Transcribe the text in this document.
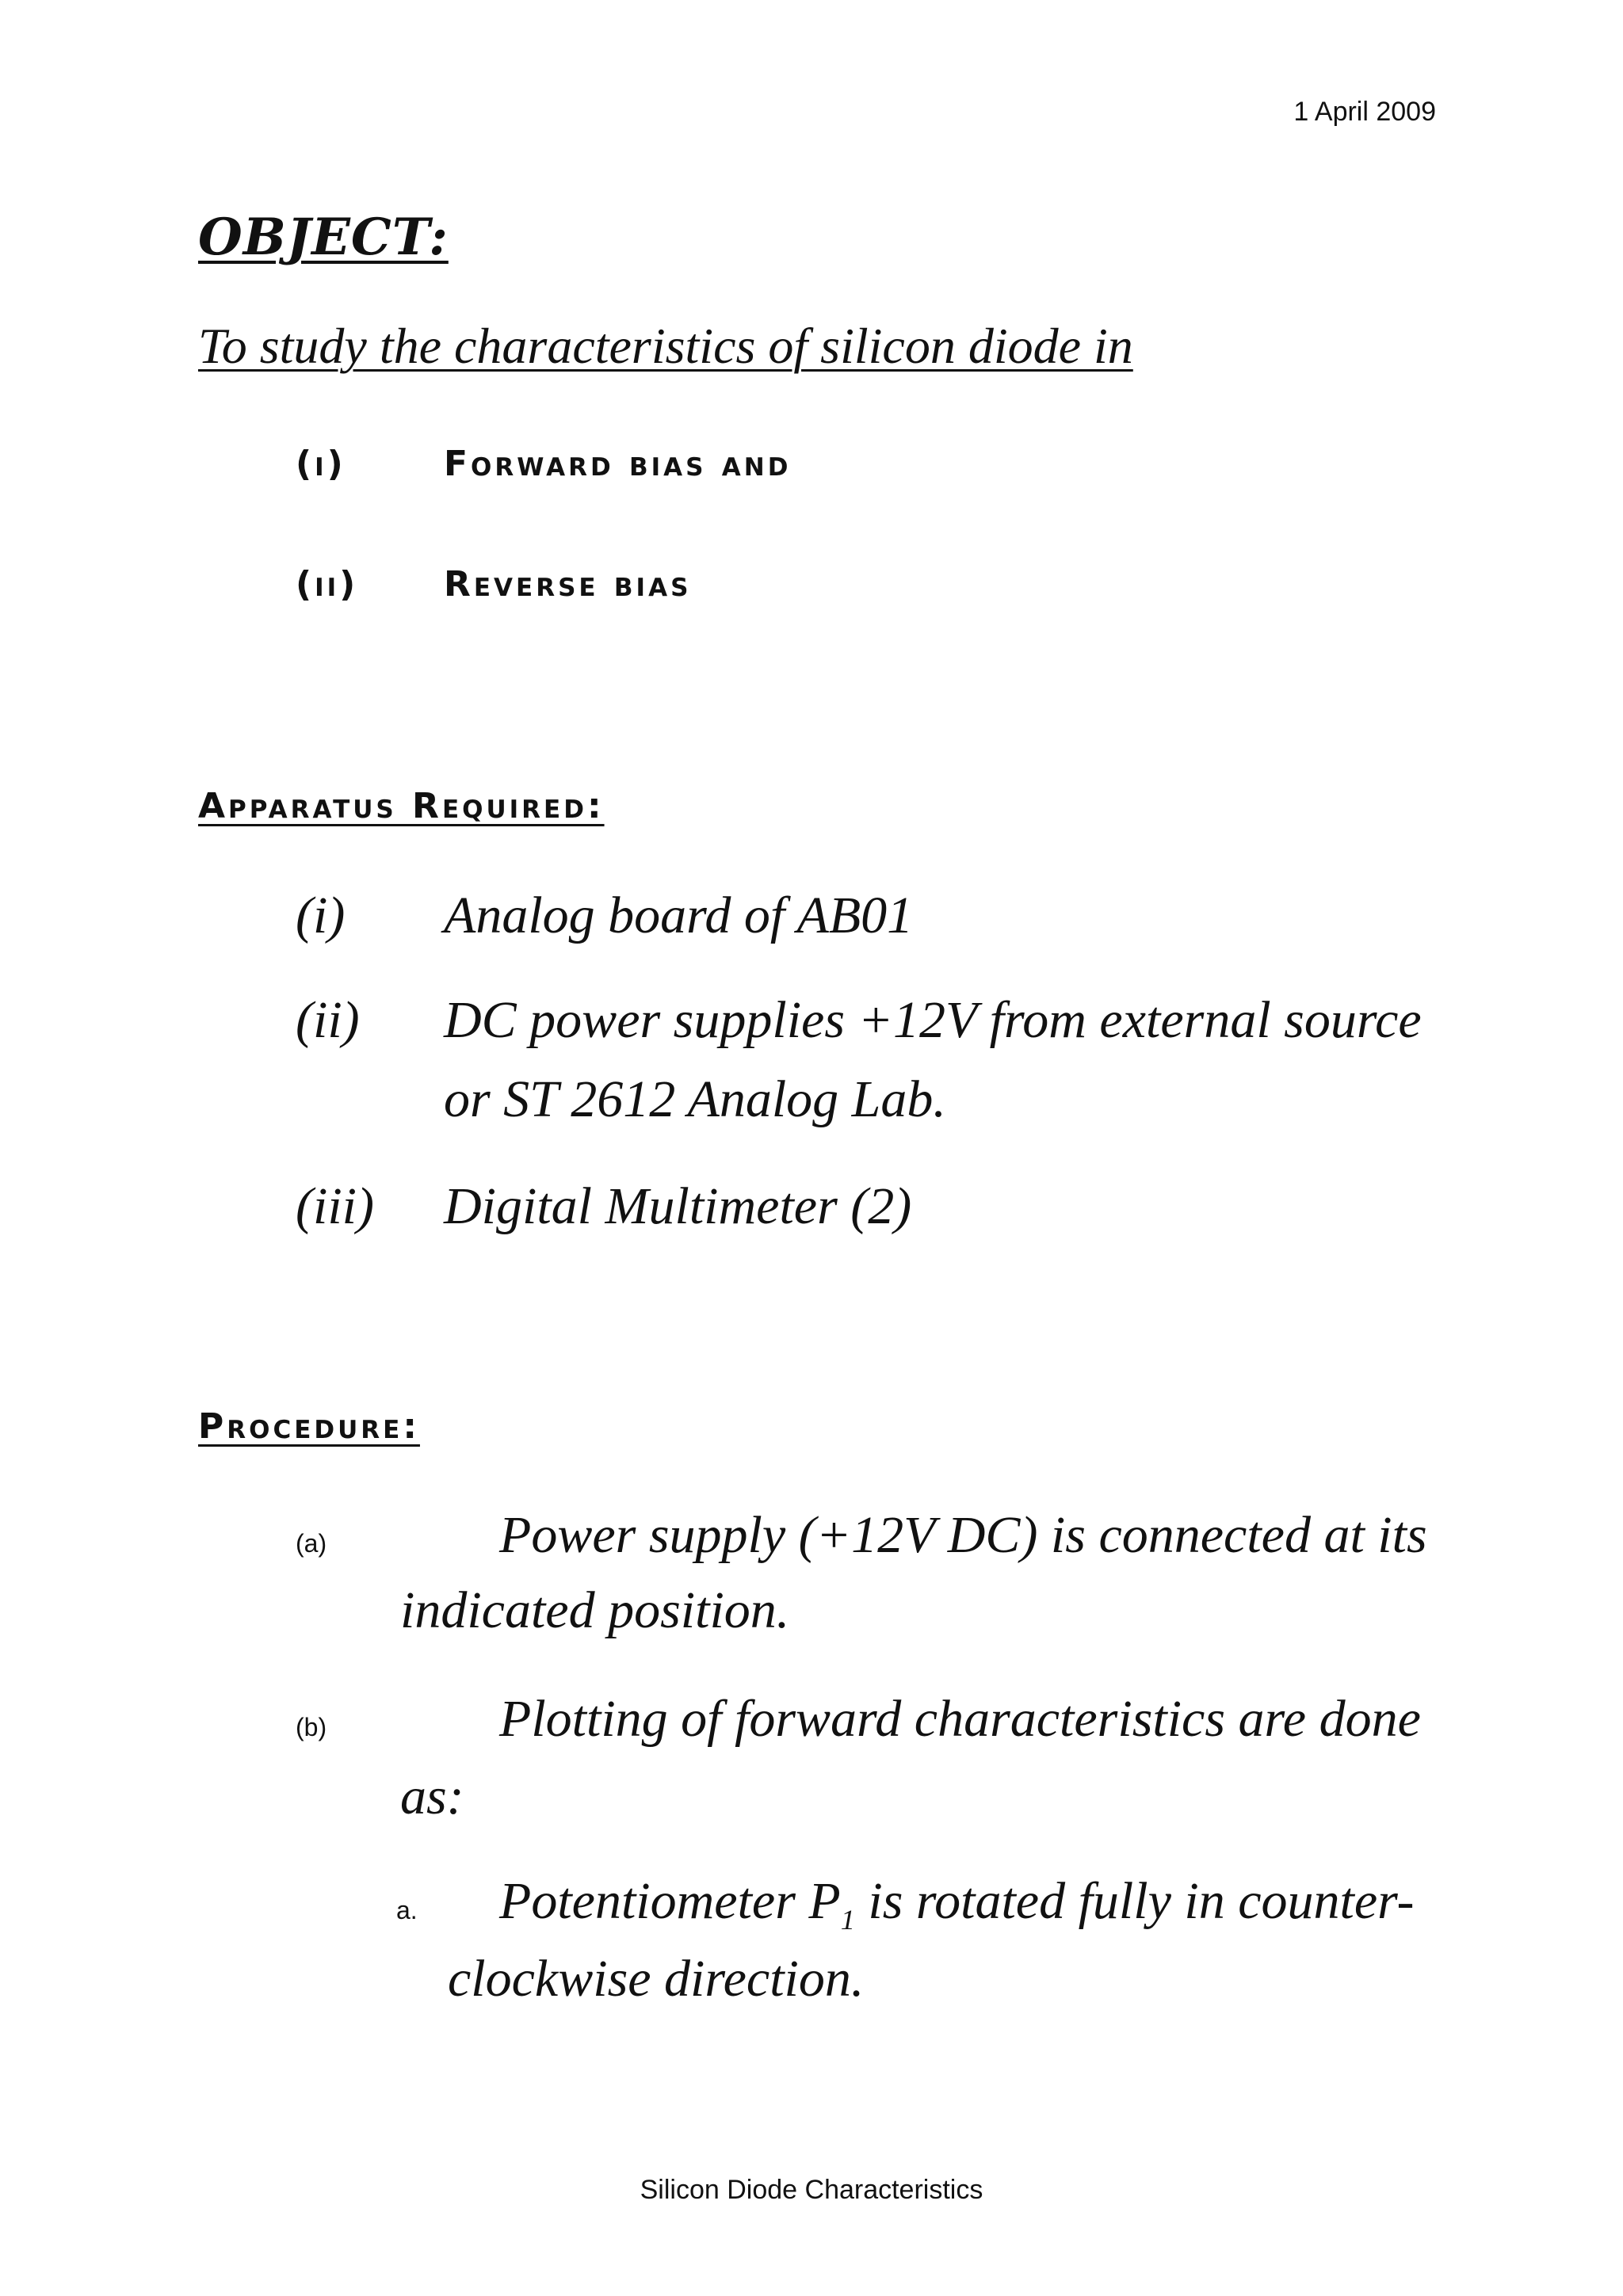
1 April 2009
OBJECT:
To study the characteristics of silicon diode in
(i)	Forward bias and
(ii) Reverse bias
Apparatus Required:
(i) Analog board of AB01
(ii) DC power supplies +12V from external source
or ST 2612 Analog Lab.
(iii) Digital Multimeter (2)
Procedure:
(a)	Power supply (+12V DC) is connected at its
indicated position.
(b)	Plotting of forward characteristics are done
as:
a. Potentiometer $P_1$ is rotated fully in counter-
clockwise direction.
Silicon Diode Characteristics
